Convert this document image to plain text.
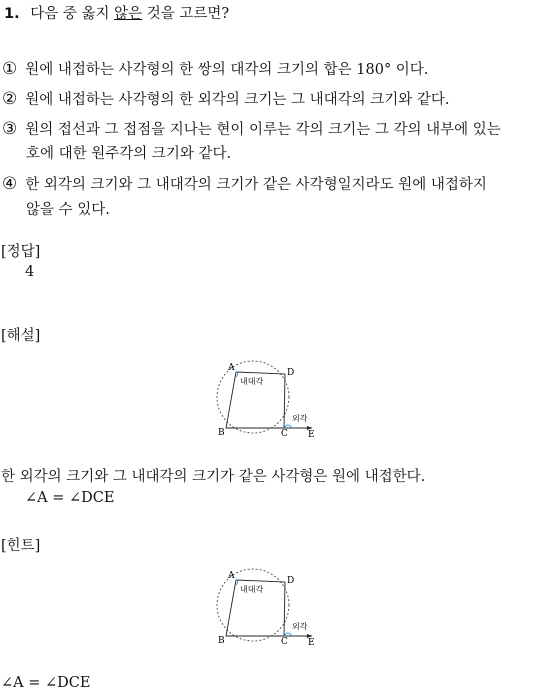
1. 다음 중 옳지 않은 것을 고르면?
① 원에 내접하는 사각형의 한 쌍의 대각의 크기의 합은 180° 이다.
② 원에 내접하는 사각형의 한 외각의 크기는 그 내대각의 크기와 같다.
③ 원의 접선과 그 접점을 지나는 현이 이루는 각의 크기는 그 각의 내부에 있는
호에 대한 원주각의 크기와 같다.
④ 한 외각의 크기와 그 내대각의 크기가 같은 사각형일지라도 원에 내접하지
않을 수 있다.
[정답]
4
[해설]
A
B	C
D
E
내대각
외각
한 외각의 크기와 그 내대각의 크기가 같은 사각형은 원에 내접한다.
∠A = ∠DCE
[힌트]
A
B	C
D
E
내대각
외각
∠A = ∠DCE
